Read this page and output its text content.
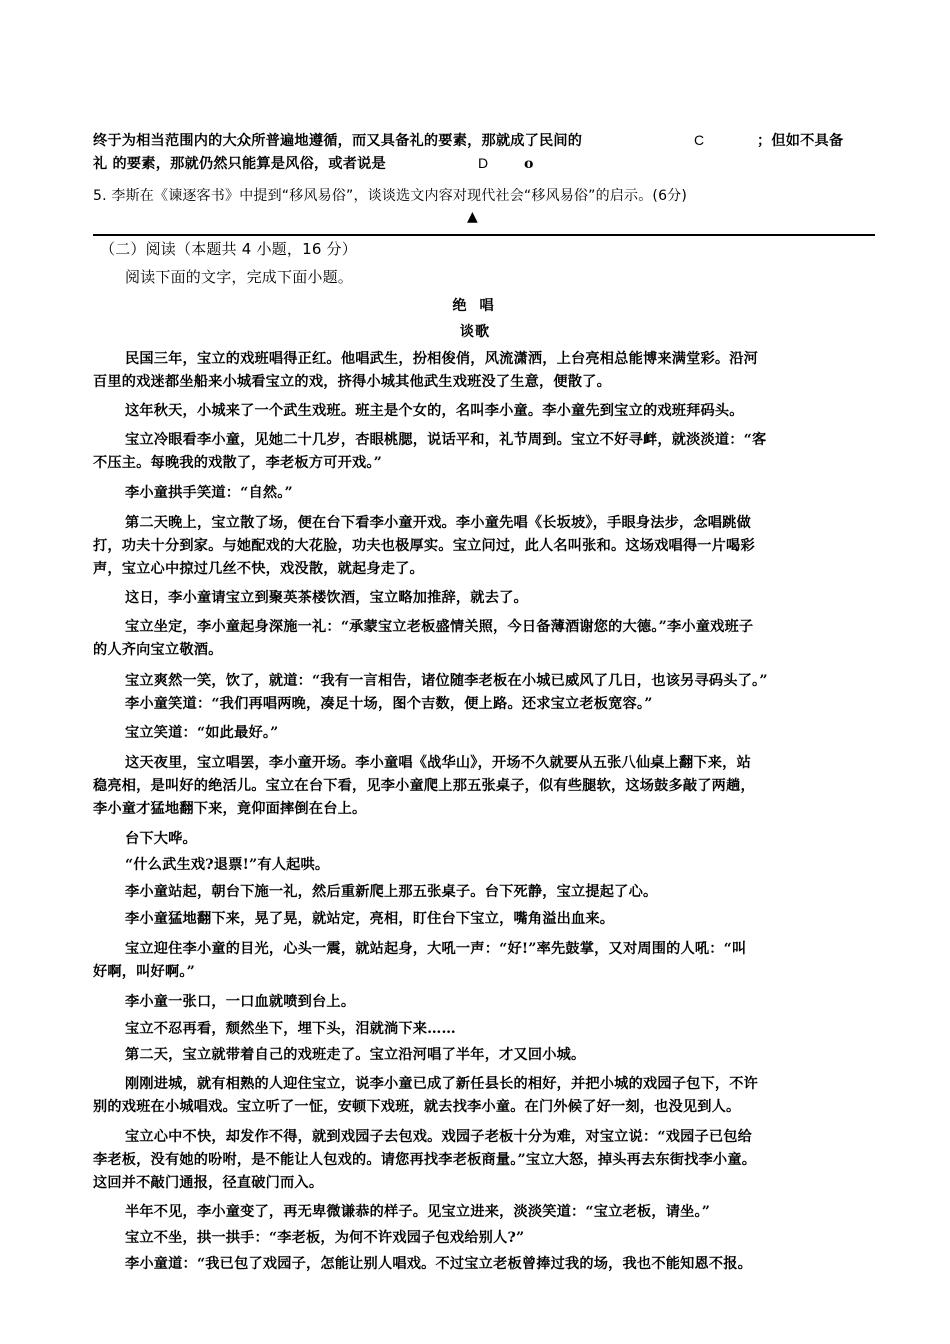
终于为相当范围内的大众所普遍地遵循，而又具备礼的要素，那就成了民间的	C	；但如不具备
礼 的要素，那就仍然只能算是风俗，或者说是	D	o
5. 李斯在《谏逐客书》中提到“移风易俗”，谈谈选文内容对现代社会“移风易俗”的启示。(6分)
▲
（二）阅读（本题共 4 小题，16 分）
阅读下面的文字，完成下面小题。
绝 唱
谈歌
民国三年，宝立的戏班唱得正红。他唱武生，扮相俊俏，风流潇洒，上台亮相总能博来满堂彩。沿河
百里的戏迷都坐船来小城看宝立的戏，挤得小城其他武生戏班没了生意，便散了。
这年秋天，小城来了一个武生戏班。班主是个女的，名叫李小童。李小童先到宝立的戏班拜码头。
宝立冷眼看李小童，见她二十几岁，杏眼桃腮，说话平和，礼节周到。宝立不好寻衅，就淡淡道：“客
不压主。每晚我的戏散了，李老板方可开戏。”
李小童拱手笑道：“自然。”
第二天晚上，宝立散了场，便在台下看李小童开戏。李小童先唱《长坂坡》，手眼身法步，念唱跳做
打，功夫十分到家。与她配戏的大花脸，功夫也极厚实。宝立问过，此人名叫张和。这场戏唱得一片喝彩
声，宝立心中掠过几丝不快，戏没散，就起身走了。
这日，李小童请宝立到聚英茶楼饮酒，宝立略加推辞，就去了。
宝立坐定，李小童起身深施一礼：“承蒙宝立老板盛情关照，今日备薄酒谢您的大德。”李小童戏班子
的人齐向宝立敬酒。
宝立爽然一笑，饮了，就道：“我有一言相告，诸位随李老板在小城已威风了几日，也该另寻码头了。”
李小童笑道：“我们再唱两晚，凑足十场，图个吉数，便上路。还求宝立老板宽容。”
宝立笑道：“如此最好。”
这天夜里，宝立唱罢，李小童开场。李小童唱《战华山》，开场不久就要从五张八仙桌上翻下来，站
稳亮相，是叫好的绝活儿。宝立在台下看，见李小童爬上那五张桌子，似有些腿软，这场鼓多敲了两趟，
李小童才猛地翻下来，竟仰面摔倒在台上。
台下大哗。
“什么武生戏?退票!”有人起哄。
李小童站起，朝台下施一礼，然后重新爬上那五张桌子。台下死静，宝立提起了心。
李小童猛地翻下来，晃了晃，就站定，亮相，盯住台下宝立，嘴角溢出血来。
宝立迎住李小童的目光，心头一震，就站起身，大吼一声：“好!”率先鼓掌，又对周围的人吼：“叫
好啊，叫好啊。”
李小童一张口，一口血就喷到台上。
宝立不忍再看，颓然坐下，埋下头，泪就淌下来……
第二天，宝立就带着自己的戏班走了。宝立沿河唱了半年，才又回小城。
刚刚进城，就有相熟的人迎住宝立，说李小童已成了新任县长的相好，并把小城的戏园子包下，不许
别的戏班在小城唱戏。宝立听了一怔，安顿下戏班，就去找李小童。在门外候了好一刻，也没见到人。
宝立心中不快，却发作不得，就到戏园子去包戏。戏园子老板十分为难，对宝立说：“戏园子已包给
李老板，没有她的吩咐，是不能让人包戏的。请您再找李老板商量。”宝立大怒，掉头再去东街找李小童。
这回并不敲门通报，径直破门而入。
半年不见，李小童变了，再无卑微谦恭的样子。见宝立进来，淡淡笑道：“宝立老板，请坐。”
宝立不坐，拱一拱手：“李老板，为何不许戏园子包戏给别人?”
李小童道：“我已包了戏园子，怎能让别人唱戏。不过宝立老板曾捧过我的场，我也不能知恩不报。
